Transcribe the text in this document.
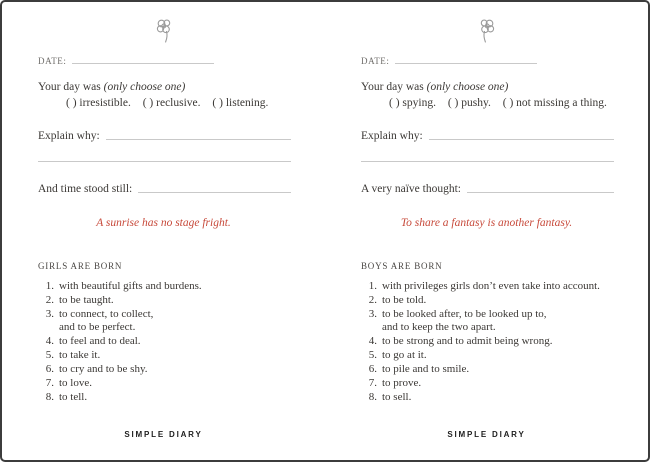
DATE:
Your day was (only choose one)
( ) irresistible. ( ) reclusive. ( ) listening.
Explain why:
And time stood still:
A sunrise has no stage fright.
GIRLS ARE BORN
1. with beautiful gifts and burdens.
2. to be taught.
3. to connect, to collect,
and to be perfect.
4. to feel and to deal.
5. to take it.
6. to cry and to be shy.
7. to love.
8. to tell.
SIMPLE DIARY
DATE:
Your day was (only choose one)
( ) spying. ( ) pushy. ( ) not missing a thing.
Explain why:
A very naïve thought:
To share a fantasy is another fantasy.
BOYS ARE BORN
1. with privileges girls don’t even take into account.
2. to be told.
3. to be looked after, to be looked up to,
and to keep the two apart.
4. to be strong and to admit being wrong.
5. to go at it.
6. to pile and to smile.
7. to prove.
8. to sell.
SIMPLE DIARY
